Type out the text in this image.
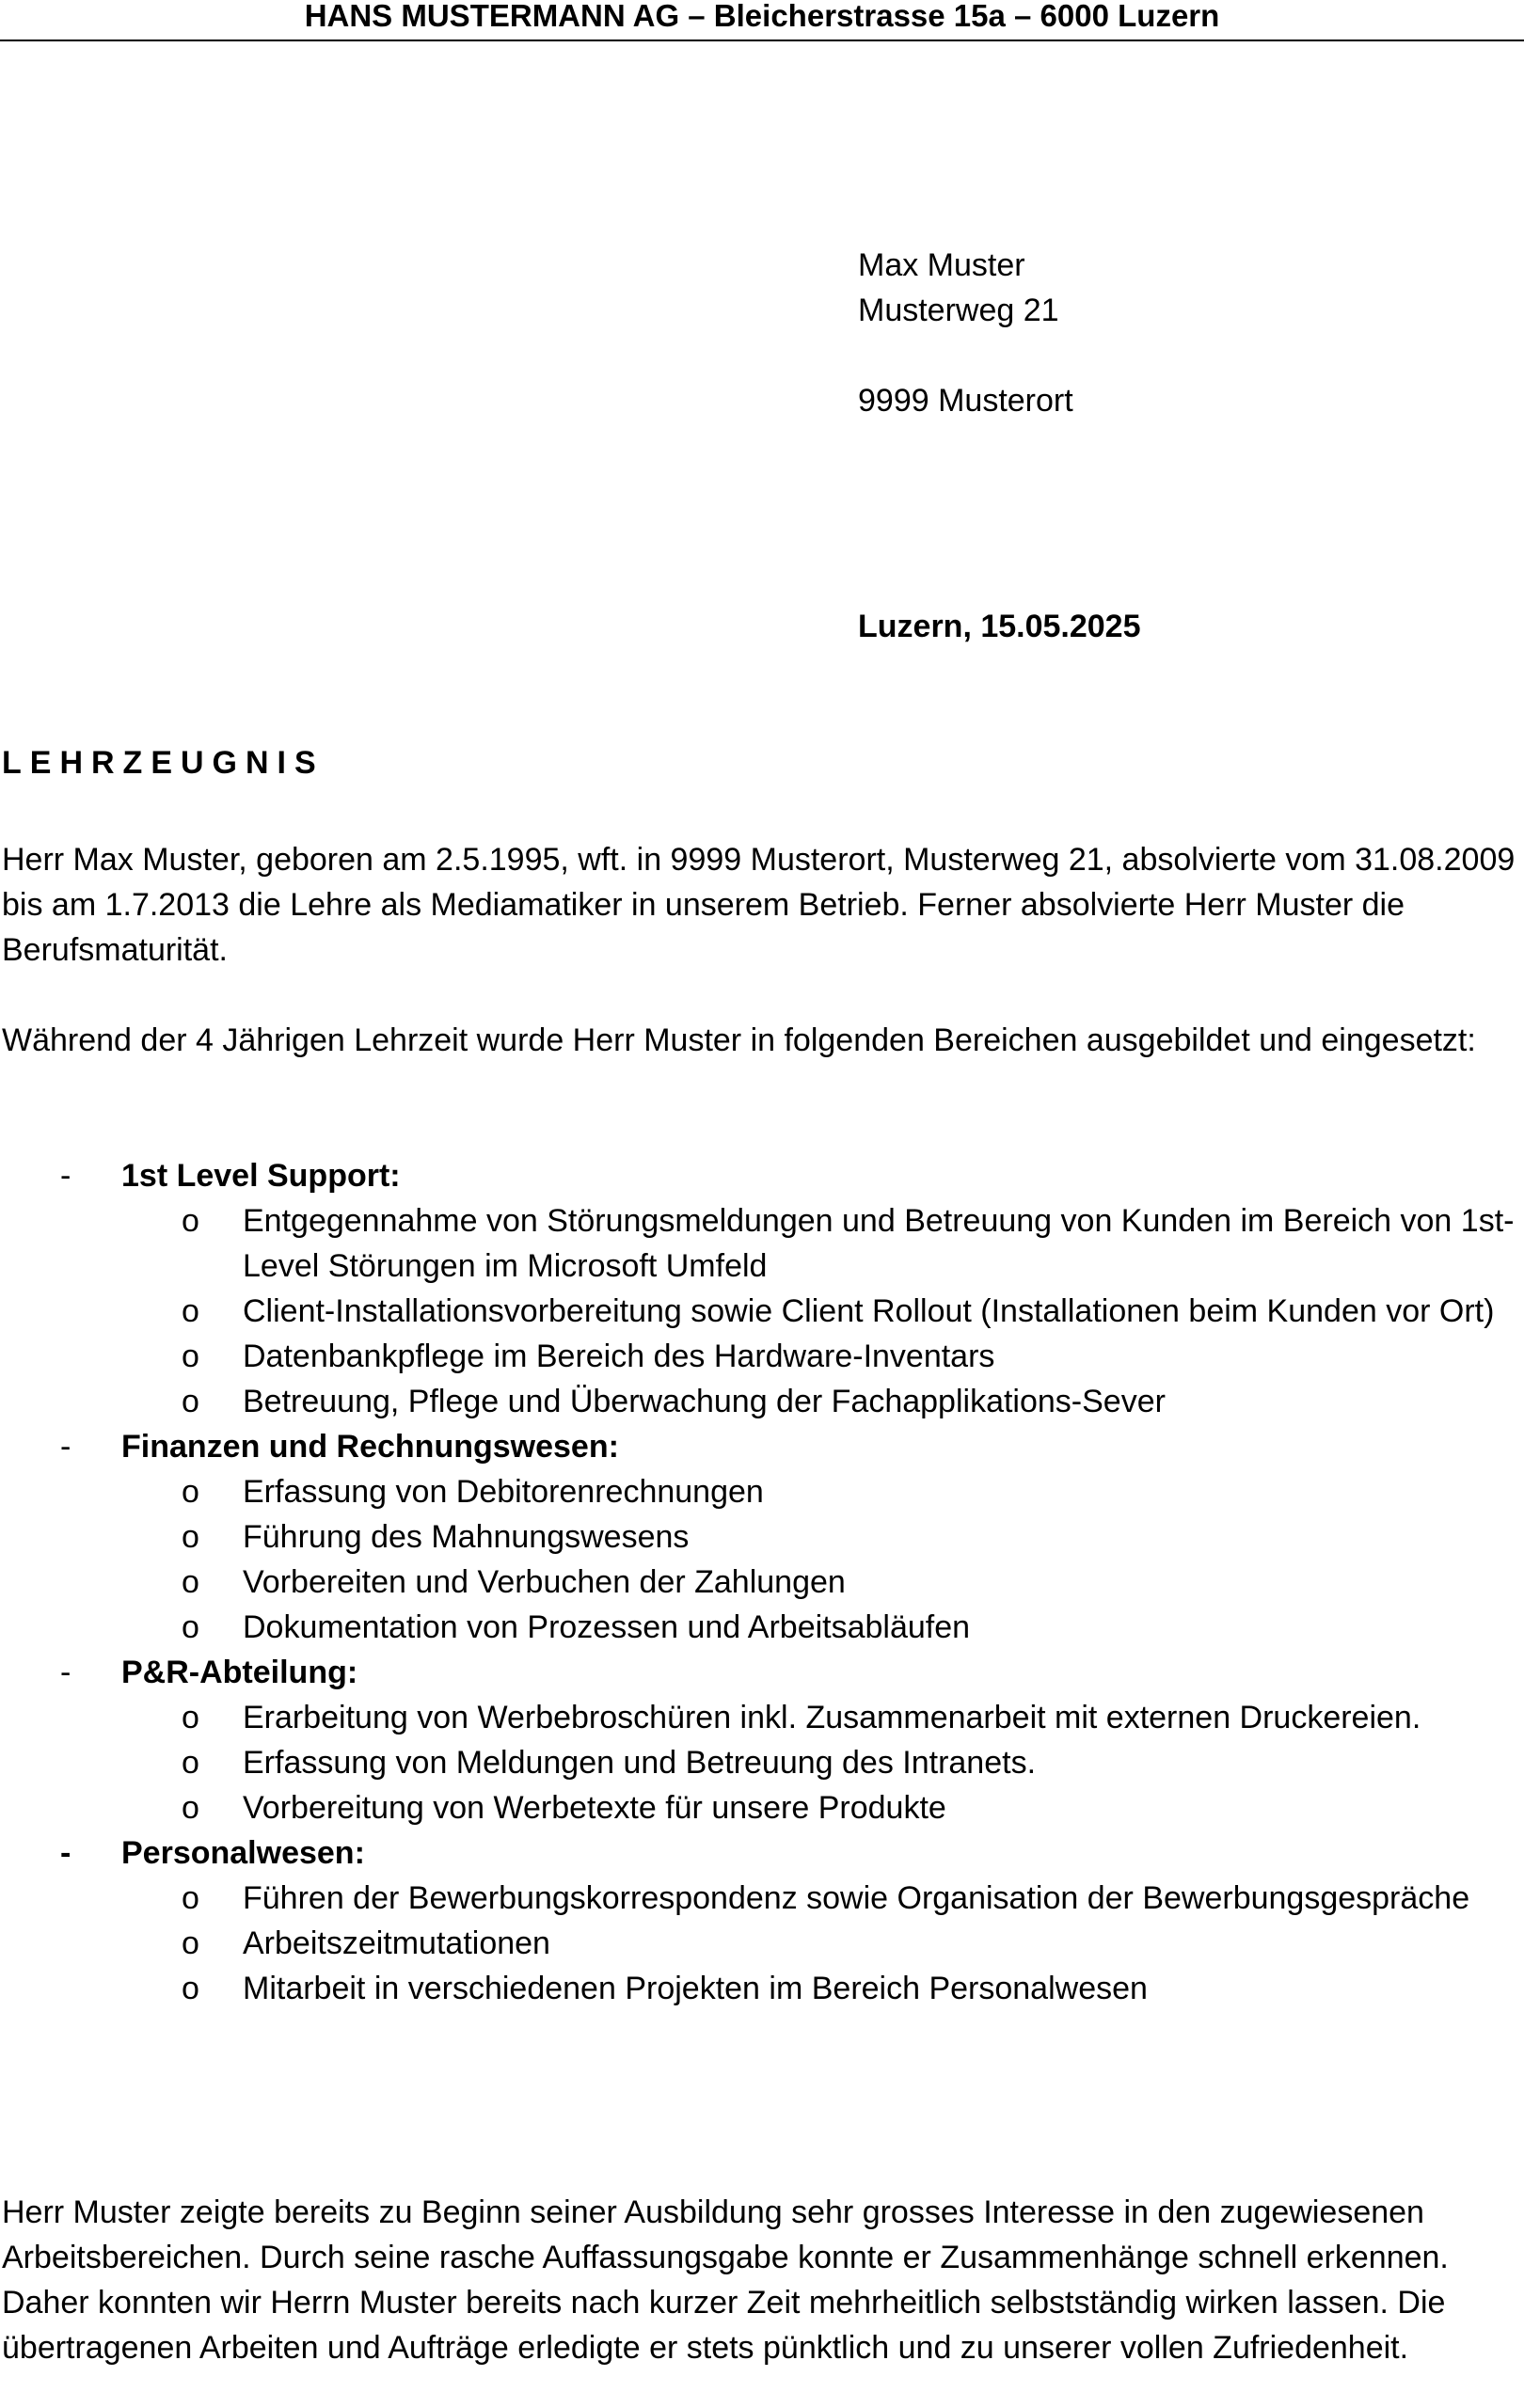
HANS MUSTERMANN AG – Bleicherstrasse 15a – 6000 Luzern
Max Muster
Musterweg 21
9999 Musterort
Luzern, 15.05.2025
LEHRZEUGNIS
Herr Max Muster, geboren am 2.5.1995, wft. in 9999 Musterort, Musterweg 21, absolvierte vom 31.08.2009 bis am 1.7.2013 die Lehre als Mediamatiker in unserem Betrieb. Ferner absolvierte Herr Muster die Berufsmaturität.
Während der 4 Jährigen Lehrzeit wurde Herr Muster in folgenden Bereichen ausgebildet und eingesetzt:
- 1st Level Support:
o Entgegennahme von Störungsmeldungen und Betreuung von Kunden im Bereich von 1st-Level Störungen im Microsoft Umfeld
o Client-Installationsvorbereitung sowie Client Rollout (Installationen beim Kunden vor Ort)
o Datenbankpflege im Bereich des Hardware-Inventars
o Betreuung, Pflege und Überwachung der Fachapplikations-Sever
- Finanzen und Rechnungswesen:
o Erfassung von Debitorenrechnungen
o Führung des Mahnungswesens
o Vorbereiten und Verbuchen der Zahlungen
o Dokumentation von Prozessen und Arbeitsabläufen
- P&R-Abteilung:
o Erarbeitung von Werbebroschüren inkl. Zusammenarbeit mit externen Druckereien.
o Erfassung von Meldungen und Betreuung des Intranets.
o Vorbereitung von Werbetexte für unsere Produkte
- Personalwesen:
o Führen der Bewerbungskorrespondenz sowie Organisation der Bewerbungsgespräche
o Arbeitszeitmutationen
o Mitarbeit in verschiedenen Projekten im Bereich Personalwesen
Herr Muster zeigte bereits zu Beginn seiner Ausbildung sehr grosses Interesse in den zugewiesenen Arbeitsbereichen. Durch seine rasche Auffassungsgabe konnte er Zusammenhänge schnell erkennen. Daher konnten wir Herrn Muster bereits nach kurzer Zeit mehrheitlich selbstständig wirken lassen. Die übertragenen Arbeiten und Aufträge erledigte er stets pünktlich und zu unserer vollen Zufriedenheit.
